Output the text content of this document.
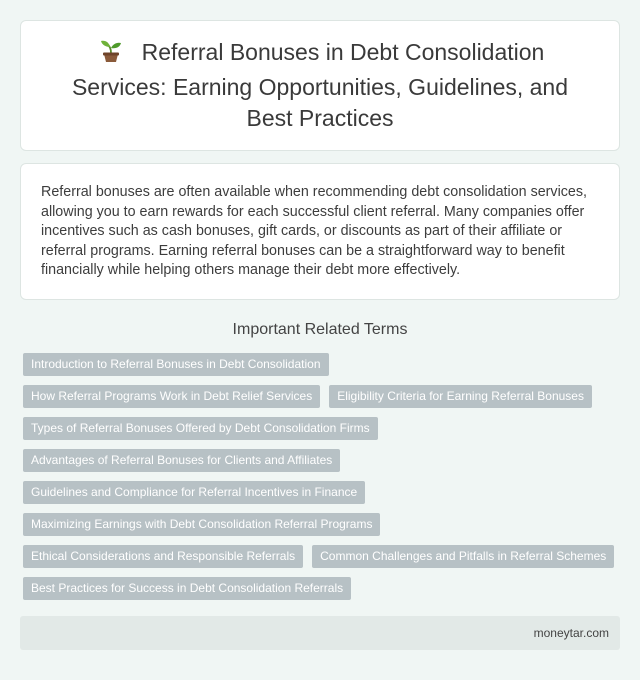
Referral Bonuses in Debt Consolidation Services: Earning Opportunities, Guidelines, and Best Practices

Referral bonuses are often available when recommending debt consolidation services, allowing you to earn rewards for each successful client referral. Many companies offer incentives such as cash bonuses, gift cards, or discounts as part of their affiliate or referral programs. Earning referral bonuses can be a straightforward way to benefit financially while helping others manage their debt more effectively.

Important Related Terms
Introduction to Referral Bonuses in Debt Consolidation
How Referral Programs Work in Debt Relief Services	Eligibility Criteria for Earning Referral Bonuses
Types of Referral Bonuses Offered by Debt Consolidation Firms
Advantages of Referral Bonuses for Clients and Affiliates
Guidelines and Compliance for Referral Incentives in Finance
Maximizing Earnings with Debt Consolidation Referral Programs
Ethical Considerations and Responsible Referrals	Common Challenges and Pitfalls in Referral Schemes
Best Practices for Success in Debt Consolidation Referrals
moneytar.com
